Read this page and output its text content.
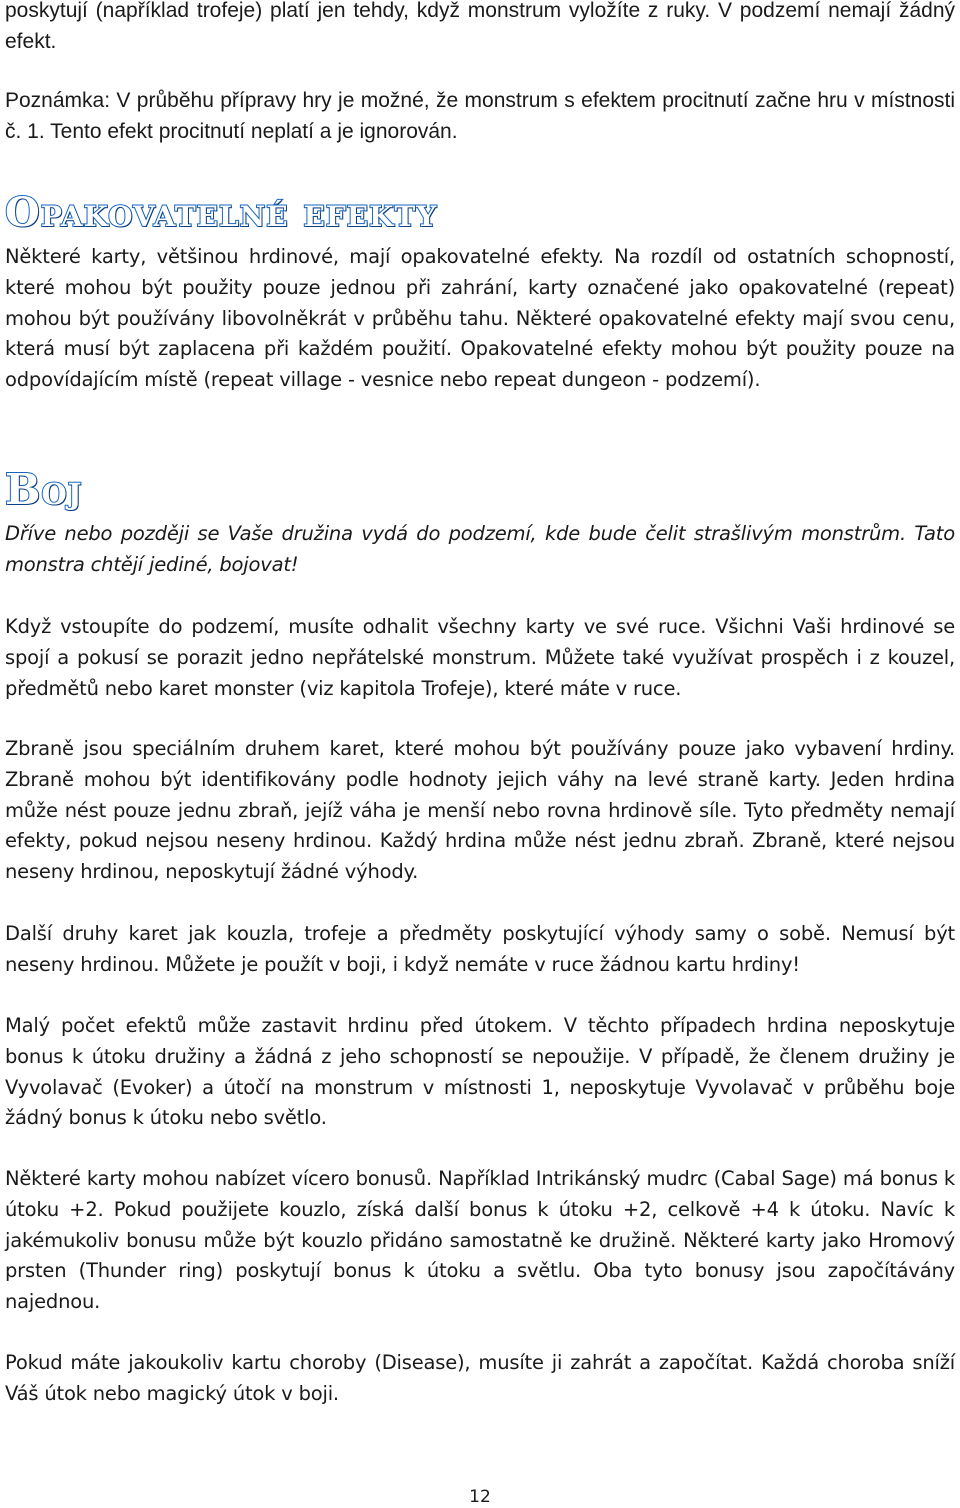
poskytují (například trofeje) platí jen tehdy, když monstrum vyložíte z ruky. V podzemí nemají žádný efekt.

Poznámka: V průběhu přípravy hry je možné, že monstrum s efektem procitnutí začne hru v místnosti č. 1. Tento efekt procitnutí neplatí a je ignorován.

Opakovatelné efekty

Některé karty, většinou hrdinové, mají opakovatelné efekty. Na rozdíl od ostatních schopností, které mohou být použity pouze jednou při zahrání, karty označené jako opakovatelné (repeat) mohou být používány libovolněkrát v průběhu tahu. Některé opakovatelné efekty mají svou cenu, která musí být zaplacena při každém použití. Opakovatelné efekty mohou být použity pouze na odpovídajícím místě (repeat village - vesnice nebo repeat dungeon - podzemí).

Boj

Dříve nebo později se Vaše družina vydá do podzemí, kde bude čelit strašlivým monstrům. Tato monstra chtějí jediné, bojovat!

Když vstoupíte do podzemí, musíte odhalit všechny karty ve své ruce. Všichni Vaši hrdinové se spojí a pokusí se porazit jedno nepřátelské monstrum. Můžete také využívat prospěch i z kouzel, předmětů nebo karet monster (viz kapitola Trofeje), které máte v ruce.

Zbraně jsou speciálním druhem karet, které mohou být používány pouze jako vybavení hrdiny. Zbraně mohou být identifikovány podle hodnoty jejich váhy na levé straně karty. Jeden hrdina může nést pouze jednu zbraň, jejíž váha je menší nebo rovna hrdinově síle. Tyto předměty nemají efekty, pokud nejsou neseny hrdinou. Každý hrdina může nést jednu zbraň. Zbraně, které nejsou neseny hrdinou, neposkytují žádné výhody.

Další druhy karet jak kouzla, trofeje a předměty poskytující výhody samy o sobě. Nemusí být neseny hrdinou. Můžete je použít v boji, i když nemáte v ruce žádnou kartu hrdiny!

Malý počet efektů může zastavit hrdinu před útokem. V těchto případech hrdina neposkytuje bonus k útoku družiny a žádná z jeho schopností se nepoužije. V případě, že členem družiny je Vyvolavač (Evoker) a útočí na monstrum v místnosti 1, neposkytuje Vyvolavač v průběhu boje žádný bonus k útoku nebo světlo.

Některé karty mohou nabízet vícero bonusů. Například Intrikánský mudrc (Cabal Sage) má bonus k útoku +2. Pokud použijete kouzlo, získá další bonus k útoku +2, celkově +4 k útoku. Navíc k jakémukoliv bonusu může být kouzlo přidáno samostatně ke družině. Některé karty jako Hromový prsten (Thunder ring) poskytují bonus k útoku a světlu. Oba tyto bonusy jsou započítávány najednou.

Pokud máte jakoukoliv kartu choroby (Disease), musíte ji zahrát a započítat. Každá choroba sníží Váš útok nebo magický útok v boji.

12
